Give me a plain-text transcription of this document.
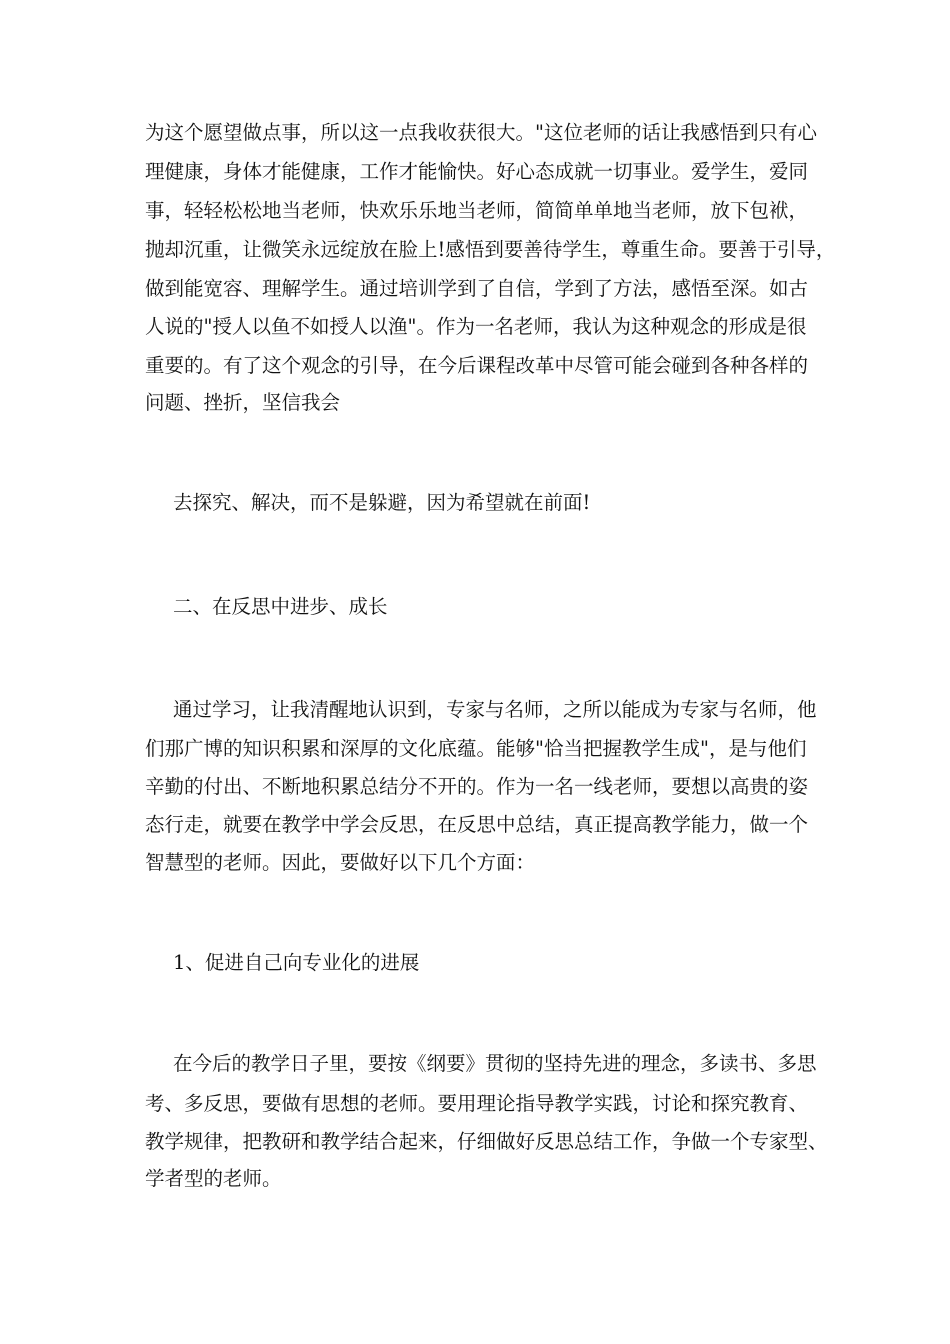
为这个愿望做点事，所以这一点我收获很大。"这位老师的话让我感悟到只有心

理健康，身体才能健康，工作才能愉快。好心态成就一切事业。爱学生，爱同

事，轻轻松松地当老师，快欢乐乐地当老师，简简单单地当老师，放下包袱，

抛却沉重，让微笑永远绽放在脸上!感悟到要善待学生，尊重生命。要善于引导，

做到能宽容、理解学生。通过培训学到了自信，学到了方法，感悟至深。如古

人说的"授人以鱼不如授人以渔"。作为一名老师，我认为这种观念的形成是很

重要的。有了这个观念的引导，在今后课程改革中尽管可能会碰到各种各样的

问题、挫折，坚信我会

去探究、解决，而不是躲避，因为希望就在前面!

二、在反思中进步、成长

通过学习，让我清醒地认识到，专家与名师，之所以能成为专家与名师，他

们那广博的知识积累和深厚的文化底蕴。能够"恰当把握教学生成"，是与他们

辛勤的付出、不断地积累总结分不开的。作为一名一线老师，要想以高贵的姿

态行走，就要在教学中学会反思，在反思中总结，真正提高教学能力，做一个

智慧型的老师。因此，要做好以下几个方面：

1、促进自己向专业化的进展

在今后的教学日子里，要按《纲要》贯彻的坚持先进的理念，多读书、多思

考、多反思，要做有思想的老师。要用理论指导教学实践，讨论和探究教育、

教学规律，把教研和教学结合起来，仔细做好反思总结工作，争做一个专家型、

学者型的老师。
